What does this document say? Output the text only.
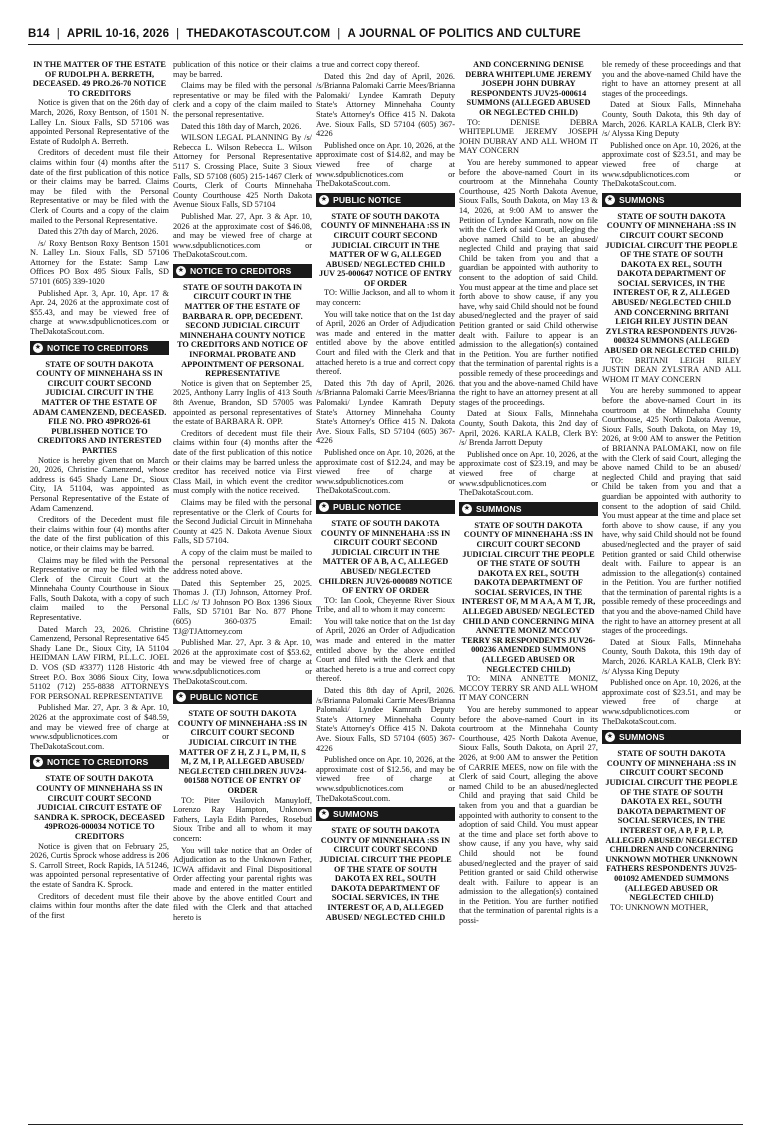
B14 | APRIL 10-16, 2026 | THEDAKOTASCOUT.COM | A JOURNAL OF POLITICS AND CULTURE

IN THE MATTER OF THE ESTATE OF RUDOLPH A. BERRETH, DECEASED. 49 PRO.26-70 NOTICE TO CREDITORS

Notice is given that on the 26th day of March, 2026, Roxy Bentson, of 1501 N. Lalley Ln. Sioux Falls, SD 57106 was appointed Personal Representative of the Estate of Rudolph A. Berreth.

Creditors of decedent must file their claims within four (4) months after the date of the first publication of this notice or their claims may be barred. Claims may be filed with the Personal Representative or may be filed with the Clerk of Courts and a copy of the claim mailed to the Personal Representative.

Dated this 27th day of March, 2026.

/s/ Roxy Bentson Roxy Bentson 1501 N. Lalley Ln. Sioux Falls, SD 57106 Attorney for the Estate: Samp Law Offices PO Box 495 Sioux Falls, SD 57101 (605) 339-1020

Published Apr. 3, Apr. 10, Apr. 17 & Apr. 24, 2026 at the approximate cost of $55.43, and may be viewed free of charge at www.sdpublicnotices.com or TheDakotaScout.com.

★ NOTICE TO CREDITORS

STATE OF SOUTH DAKOTA COUNTY OF MINNEHAHA SS IN CIRCUIT COURT SECOND JUDICIAL CIRCUIT IN THE MATTER OF THE ESTATE OF ADAM CAMENZEND, DECEASED. FILE NO. PRO 49PRO26-61 PUBLISHED NOTICE TO CREDITORS AND INTERESTED PARTIES

Notice is hereby given that on March 20, 2026, Christine Camenzend, whose address is 645 Shady Lane Dr., Sioux City, IA 51104, was appointed as Personal Representative of the Estate of Adam Camenzend.

Creditors of the Decedent must file their claims within four (4) months after the date of the first publication of this notice, or their claims may be barred.

Claims may be filed with the Personal Representative or may be filed with the Clerk of the Circuit Court at the Minnehaha County Courthouse in Sioux Falls, South Dakota, with a copy of such claim mailed to the Personal Representative.

Dated March 23, 2026. Christine Camenzend, Personal Representative 645 Shady Lane Dr., Sioux City, IA 51104 HEIDMAN LAW FIRM, P.L.L.C. JOEL D. VOS (SD #3377) 1128 Historic 4th Street P.O. Box 3086 Sioux City, Iowa 51102 (712) 255-8838 ATTORNEYS FOR PERSONAL REPRESENTATIVE

Published Mar. 27, Apr. 3 & Apr. 10, 2026 at the approximate cost of $48.59, and may be viewed free of charge at www.sdpublicnotices.com or TheDakotaScout.com.

★ NOTICE TO CREDITORS

STATE OF SOUTH DAKOTA COUNTY OF MINNEHAHA SS IN CIRCUIT COURT SECOND JUDICIAL CIRCUIT ESTATE OF SANDRA K. SPROCK, DECEASED 49PRO26-000034 NOTICE TO CREDITORS

Notice is given that on February 25, 2026, Curtis Sprock whose address is 206 S. Carroll Street, Rock Rapids, IA 51246, was appointed personal representative of the estate of Sandra K. Sprock.

Creditors of decedent must file their claims within four months after the date of the first

publication of this notice or their claims may be barred.

Claims may be filed with the personal representative or may be filed with the clerk and a copy of the claim mailed to the personal representative.

Dated this 18th day of March, 2026.

WILSON LEGAL PLANNING By /s/ Rebecca L. Wilson Rebecca L. Wilson Attorney for Personal Representative 5117 S. Crossing Place, Suite 3 Sioux Falls, SD 57108 (605) 215-1467 Clerk of Courts, Clerk of Courts Minnehaha County Courthouse 425 North Dakota Avenue Sioux Falls, SD 57104

Published Mar. 27, Apr. 3 & Apr. 10, 2026 at the approximate cost of $46.08, and may be viewed free of charge at www.sdpublicnotices.com or TheDakotaScout.com.

★ NOTICE TO CREDITORS

STATE OF SOUTH DAKOTA IN CIRCUIT COURT IN THE MATTER OF THE ESTATE OF BARBARA R. OPP, DECEDENT. SECOND JUDICIAL CIRCUIT MINNEHAHA COUNTY NOTICE TO CREDITORS AND NOTICE OF INFORMAL PROBATE AND APPOINTMENT OF PERSONAL REPRESENTATIVE

Notice is given that on September 25, 2025, Anthony Larry Inglis of 413 South 8th Avenue, Brandon, SD 57005 was appointed as personal representatives of the estate of BARBARA R. OPP.

Creditors of decedent must file their claims within four (4) months after the date of the first publication of this notice or their claims may be barred unless the creditor has received notice via First Class Mail, in which event the creditor must comply with the notice received.

Claims may be filed with the personal representative or the Clerk of Courts for the Second Judicial Circuit in Minnehaha County at 425 N. Dakota Avenue Sioux Falls, SD 57104.

A copy of the claim must be mailed to the personal representatives at the address noted above.

Dated this September 25, 2025. Thomas J. (TJ) Johnson, Attorney Prof. LLC /s/ TJ Johnson PO Box 1396 Sioux Falls, SD 57101 Bar No. 877 Phone (605) 360-0375 Email: TJ@TJAttorney.com

Published Mar. 27, Apr. 3 & Apr. 10, 2026 at the approximate cost of $53.62, and may be viewed free of charge at www.sdpublicnotices.com or TheDakotaScout.com.

★ PUBLIC NOTICE

STATE OF SOUTH DAKOTA COUNTY OF MINNEHAHA :SS IN CIRCUIT COURT SECOND JUDICIAL CIRCUIT IN THE MATTER OF Z H, Z J L, P M, II, S M, Z M, I P, ALLEGED ABUSED/ NEGLECTED CHILDREN JUV24-001588 NOTICE OF ENTRY OF ORDER

TO: Piter Vasilovich Manuyloff, Lorenzo Ray Hampton, Unknown Fathers, Layla Edith Paredes, Rosebud Sioux Tribe and all to whom it may concern:

You will take notice that an Order of Adjudication as to the Unknown Father, ICWA affidavit and Final Dispositional Order affecting your parental rights was made and entered in the matter entitled above by the above entitled Court and filed with the Clerk and that attached hereto is

a true and correct copy thereof.

Dated this 2nd day of April, 2026. /s/Brianna Palomaki Carrie Mees/Brianna Palomaki/ Lyndee Kamrath Deputy State's Attorney Minnehaha County State's Attorney's Office 415 N. Dakota Ave. Sioux Falls, SD 57104 (605) 367-4226

Published once on Apr. 10, 2026, at the approximate cost of $14.82, and may be viewed free of charge at www.sdpublicnotices.com or TheDakotaScout.com.

★ PUBLIC NOTICE

STATE OF SOUTH DAKOTA COUNTY OF MINNEHAHA :SS IN CIRCUIT COURT SECOND JUDICIAL CIRCUIT IN THE MATTER OF W G, ALLEGED ABUSED/ NEGLECTED CHILD JUV 25-000647 NOTICE OF ENTRY OF ORDER

TO: Willie Jackson, and all to whom it may concern:

You will take notice that on the 1st day of April, 2026 an Order of Adjudication was made and entered in the matter entitled above by the above entitled Court and filed with the Clerk and that attached hereto is a true and correct copy thereof.

Dated this 7th day of April, 2026. /s/Brianna Palomaki Carrie Mees/Brianna Palomaki/ Lyndee Kamrath Deputy State's Attorney Minnehaha County State's Attorney's Office 415 N. Dakota Ave. Sioux Falls, SD 57104 (605) 367-4226

Published once on Apr. 10, 2026, at the approximate cost of $12.24, and may be viewed free of charge at www.sdpublicnotices.com or TheDakotaScout.com.

★ PUBLIC NOTICE

STATE OF SOUTH DAKOTA COUNTY OF MINNEHAHA :SS IN CIRCUIT COURT SECOND JUDICIAL CIRCUIT IN THE MATTER OF A B, A C, ALLEGED ABUSED/ NEGLECTED CHILDREN JUV26-000089 NOTICE OF ENTRY OF ORDER

TO: Ian Cook, Cheyenne River Sioux Tribe, and all to whom it may concern:

You will take notice that on the 1st day of April, 2026 an Order of Adjudication was made and entered in the matter entitled above by the above entitled Court and filed with the Clerk and that attached hereto is a true and correct copy thereof.

Dated this 8th day of April, 2026. /s/Brianna Palomaki Carrie Mees/Brianna Palomaki/ Lyndee Kamrath Deputy State's Attorney Minnehaha County State's Attorney's Office 415 N. Dakota Ave. Sioux Falls, SD 57104 (605) 367-4226

Published once on Apr. 10, 2026, at the approximate cost of $12.56, and may be viewed free of charge at www.sdpublicnotices.com or TheDakotaScout.com.

★ SUMMONS

STATE OF SOUTH DAKOTA COUNTY OF MINNEHAHA :SS IN CIRCUIT COURT SECOND JUDICIAL CIRCUIT THE PEOPLE OF THE STATE OF SOUTH DAKOTA EX REL, SOUTH DAKOTA DEPARTMENT OF SOCIAL SERVICES, IN THE INTEREST OF, A D, ALLEGED ABUSED/ NEGLECTED CHILD

AND CONCERNING DENISE DEBRA WHITEPLUME JEREMY JOSEPH JOHN DUBRAY RESPONDENTS JUV25-000614 SUMMONS (ALLEGED ABUSED OR NEGLECTED CHILD)

TO: DENISE DEBRA WHITEPLUME JEREMY JOSEPH JOHN DUBRAY AND ALL WHOM IT MAY CONCERN

You are hereby summoned to appear before the above-named Court in its courtroom at the Minnehaha County Courthouse, 425 North Dakota Avenue, Sioux Falls, South Dakota, on May 13 & 14, 2026, at 9:00 AM to answer the Petition of Lyndee Kamrath, now on file with the Clerk of said Court, alleging the above named Child to be an abused/ neglected Child and praying that said Child be taken from you and that a guardian be appointed with authority to consent to the adoption of said Child. You must appear at the time and place set forth above to show cause, if any you have, why said Child should not be found abused/neglected and the prayer of said Petition granted or said Child otherwise dealt with. Failure to appear is an admission to the allegation(s) contained in the Petition. You are further notified that the termination of parental rights is a possible remedy of these proceedings and that you and the above-named Child have the right to have an attorney present at all stages of the proceedings.

Dated at Sioux Falls, Minnehaha County, South Dakota, this 2nd day of April, 2026. KARLA KALB, Clerk BY: /s/ Brenda Jarrott Deputy

Published once on Apr. 10, 2026, at the approximate cost of $23.19, and may be viewed free of charge at www.sdpublicnotices.com or TheDakotaScout.com.

★ SUMMONS

STATE OF SOUTH DAKOTA COUNTY OF MINNEHAHA :SS IN CIRCUIT COURT SECOND JUDICIAL CIRCUIT THE PEOPLE OF THE STATE OF SOUTH DAKOTA EX REL, SOUTH DAKOTA DEPARTMENT OF SOCIAL SERVICES, IN THE INTEREST OF, M M A A, A M T, JR, ALLEGED ABUSED/ NEGLECTED CHILD AND CONCERNING MINA ANNETTE MONIZ MCCOY TERRY SR RESPONDENTS JUV26-000236 AMENDED SUMMONS (ALLEGED ABUSED OR NEGLECTED CHILD)

TO: MINA ANNETTE MONIZ, MCCOY TERRY SR AND ALL WHOM IT MAY CONCERN

You are hereby summoned to appear before the above-named Court in its courtroom at the Minnehaha County Courthouse, 425 North Dakota Avenue, Sioux Falls, South Dakota, on April 27, 2026, at 9:00 AM to answer the Petition of CARRIE MEES, now on file with the Clerk of said Court, alleging the above named Child to be an abused/neglected Child and praying that said Child be taken from you and that a guardian be appointed with authority to consent to the adoption of said Child. You must appear at the time and place set forth above to show cause, if any you have, why said Child should not be found abused/neglected and the prayer of said Petition granted or said Child otherwise dealt with. Failure to appear is an admission to the allegation(s) contained in the Petition. You are further notified that the termination of parental rights is a possi-

ble remedy of these proceedings and that you and the above-named Child have the right to have an attorney present at all stages of the proceedings.

Dated at Sioux Falls, Minnehaha County, South Dakota, this 9th day of March, 2026. KARLA KALB, Clerk BY: /s/ Alyssa King Deputy

Published once on Apr. 10, 2026, at the approximate cost of $23.51, and may be viewed free of charge at www.sdpublicnotices.com or TheDakotaScout.com.

★ SUMMONS

STATE OF SOUTH DAKOTA COUNTY OF MINNEHAHA :SS IN CIRCUIT COURT SECOND JUDICIAL CIRCUIT THE PEOPLE OF THE STATE OF SOUTH DAKOTA EX REL, SOUTH DAKOTA DEPARTMENT OF SOCIAL SERVICES, IN THE INTEREST OF, R Z, ALLEGED ABUSED/ NEGLECTED CHILD AND CONCERNING BRITANI LEIGH RILEY JUSTIN DEAN ZYLSTRA RESPONDENTS JUV26-000324 SUMMONS (ALLEGED ABUSED OR NEGLECTED CHILD)

TO: BRITANI LEIGH RILEY JUSTIN DEAN ZYLSTRA AND ALL WHOM IT MAY CONCERN

You are hereby summoned to appear before the above-named Court in its courtroom at the Minnehaha County Courthouse, 425 North Dakota Avenue, Sioux Falls, South Dakota, on May 19, 2026, at 9:00 AM to answer the Petition of BRIANNA PALOMAKI, now on file with the Clerk of said Court, alleging the above named Child to be an abused/ neglected Child and praying that said Child be taken from you and that a guardian be appointed with authority to consent to the adoption of said Child. You must appear at the time and place set forth above to show cause, if any you have, why said Child should not be found abused/neglected and the prayer of said Petition granted or said Child otherwise dealt with. Failure to appear is an admission to the allegation(s) contained in the Petition. You are further notified that the termination of parental rights is a possible remedy of these proceedings and that you and the above-named Child have the right to have an attorney present at all stages of the proceedings.

Dated at Sioux Falls, Minnehaha County, South Dakota, this 19th day of March, 2026. KARLA KALB, Clerk BY: /s/ Alyssa King Deputy

Published once on Apr. 10, 2026, at the approximate cost of $23.51, and may be viewed free of charge at www.sdpublicnotices.com or TheDakotaScout.com.

★ SUMMONS

STATE OF SOUTH DAKOTA COUNTY OF MINNEHAHA :SS IN CIRCUIT COURT SECOND JUDICIAL CIRCUIT THE PEOPLE OF THE STATE OF SOUTH DAKOTA EX REL, SOUTH DAKOTA DEPARTMENT OF SOCIAL SERVICES, IN THE INTEREST OF, A P, F P, L P, ALLEGED ABUSED/ NEGLECTED CHILDREN AND CONCERNING UNKNOWN MOTHER UNKNOWN FATHERS RESPONDENTS JUV25-001092 AMENDED SUMMONS (ALLEGED ABUSED OR NEGLECTED CHILD)

TO: UNKNOWN MOTHER,
